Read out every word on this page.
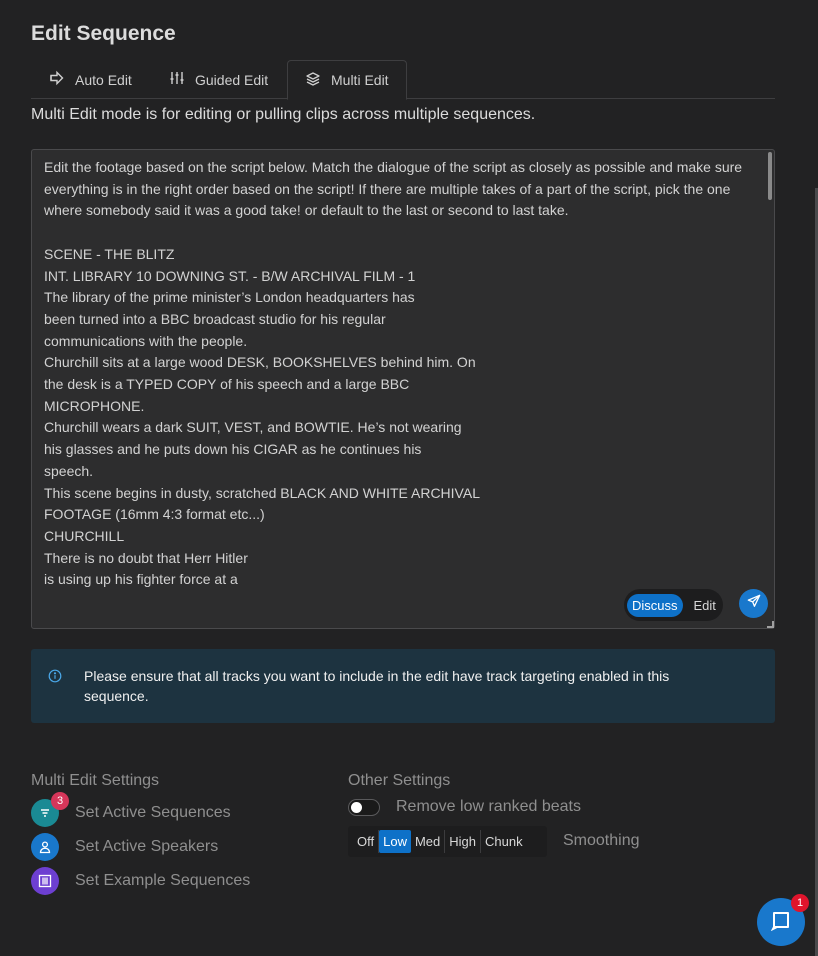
Edit Sequence
Auto Edit	Guided Edit	Multi Edit
Multi Edit mode is for editing or pulling clips across multiple sequences.
Edit the footage based on the script below. Match the dialogue of the script as closely as possible and make sure everything is in the right order based on the script! If there are multiple takes of a part of the script, pick the one where somebody said it was a good take! or default to the last or second to last take.

SCENE - THE BLITZ
INT. LIBRARY 10 DOWNING ST. - B/W ARCHIVAL FILM - 1
The library of the prime minister’s London headquarters has
been turned into a BBC broadcast studio for his regular
communications with the people.
Churchill sits at a large wood DESK, BOOKSHELVES behind him. On
the desk is a TYPED COPY of his speech and a large BBC
MICROPHONE.
Churchill wears a dark SUIT, VEST, and BOWTIE. He’s not wearing
his glasses and he puts down his CIGAR as he continues his
speech.
This scene begins in dusty, scratched BLACK AND WHITE ARCHIVAL
FOOTAGE (16mm 4:3 format etc...)
CHURCHILL
There is no doubt that Herr Hitler
is using up his fighter force at a
Discuss	Edit
Please ensure that all tracks you want to include in the edit have track targeting enabled in this sequence.
Multi Edit Settings
3
Set Active Sequences
Set Active Speakers
Set Example Sequences
Other Settings
Remove low ranked beats
Off Low Med High Chunk	Smoothing
1
